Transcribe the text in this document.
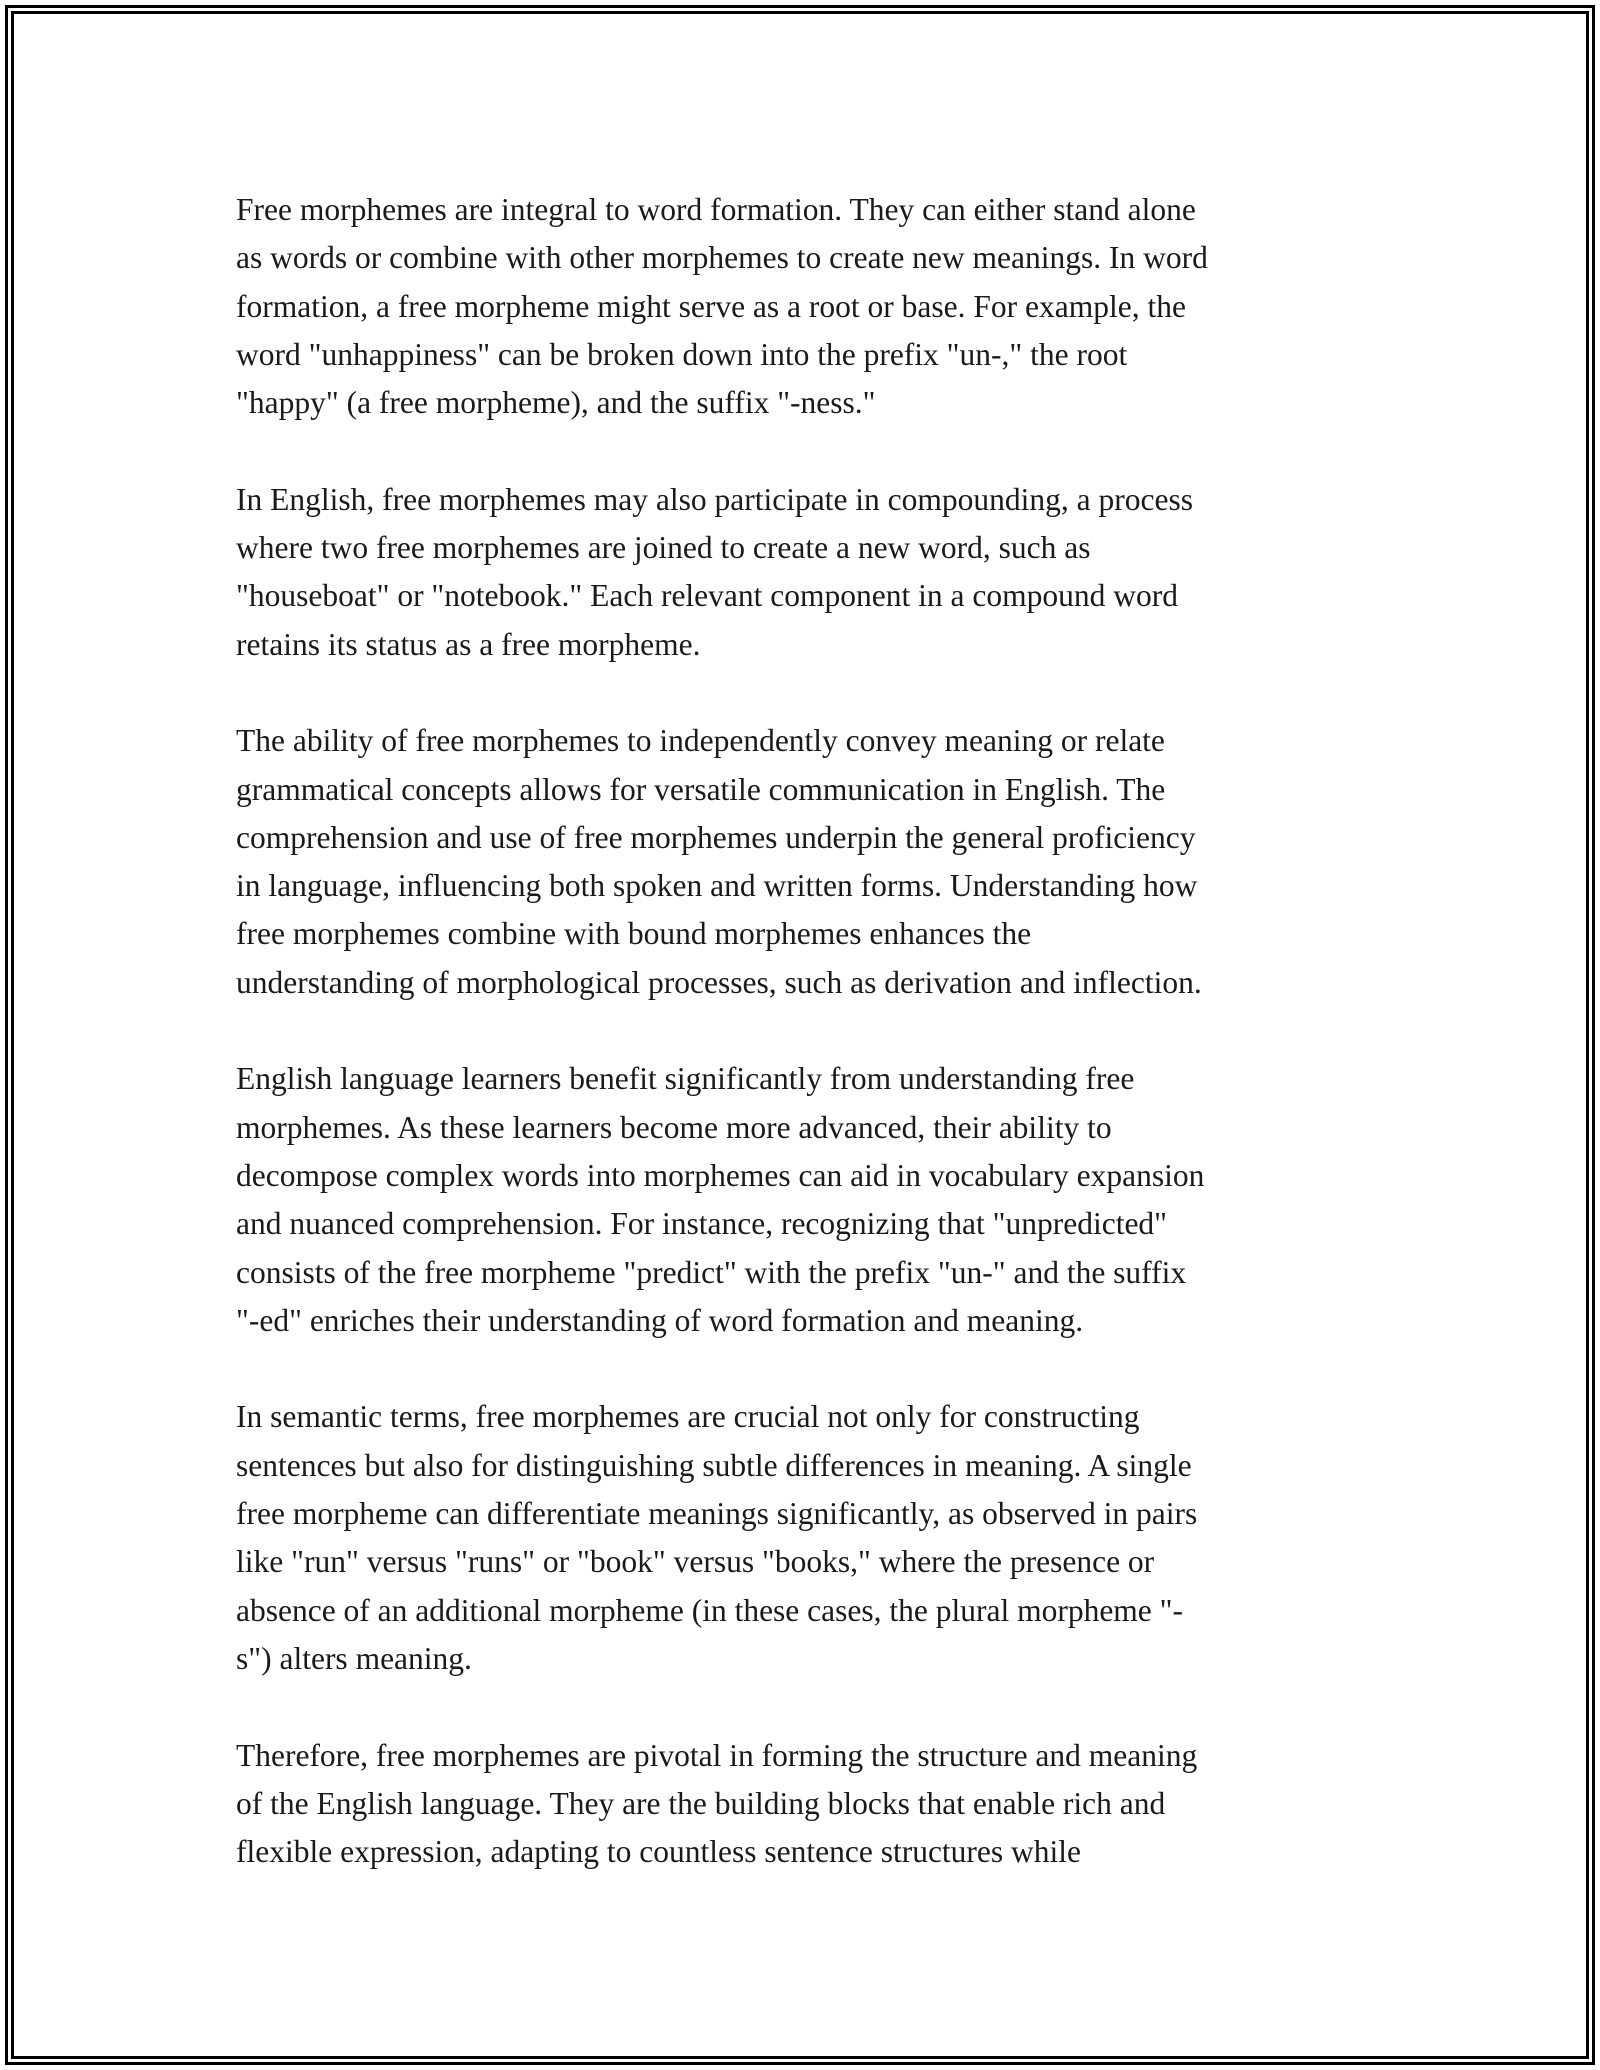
Free morphemes are integral to word formation. They can either stand alone
as words or combine with other morphemes to create new meanings. In word
formation, a free morpheme might serve as a root or base. For example, the
word "unhappiness" can be broken down into the prefix "un-," the root
"happy" (a free morpheme), and the suffix "-ness."

In English, free morphemes may also participate in compounding, a process
where two free morphemes are joined to create a new word, such as
"houseboat" or "notebook." Each relevant component in a compound word
retains its status as a free morpheme.

The ability of free morphemes to independently convey meaning or relate
grammatical concepts allows for versatile communication in English. The
comprehension and use of free morphemes underpin the general proficiency
in language, influencing both spoken and written forms. Understanding how
free morphemes combine with bound morphemes enhances the
understanding of morphological processes, such as derivation and inflection.

English language learners benefit significantly from understanding free
morphemes. As these learners become more advanced, their ability to
decompose complex words into morphemes can aid in vocabulary expansion
and nuanced comprehension. For instance, recognizing that "unpredicted"
consists of the free morpheme "predict" with the prefix "un-" and the suffix
"-ed" enriches their understanding of word formation and meaning.

In semantic terms, free morphemes are crucial not only for constructing
sentences but also for distinguishing subtle differences in meaning. A single
free morpheme can differentiate meanings significantly, as observed in pairs
like "run" versus "runs" or "book" versus "books," where the presence or
absence of an additional morpheme (in these cases, the plural morpheme "-
s") alters meaning.

Therefore, free morphemes are pivotal in forming the structure and meaning
of the English language. They are the building blocks that enable rich and
flexible expression, adapting to countless sentence structures while
